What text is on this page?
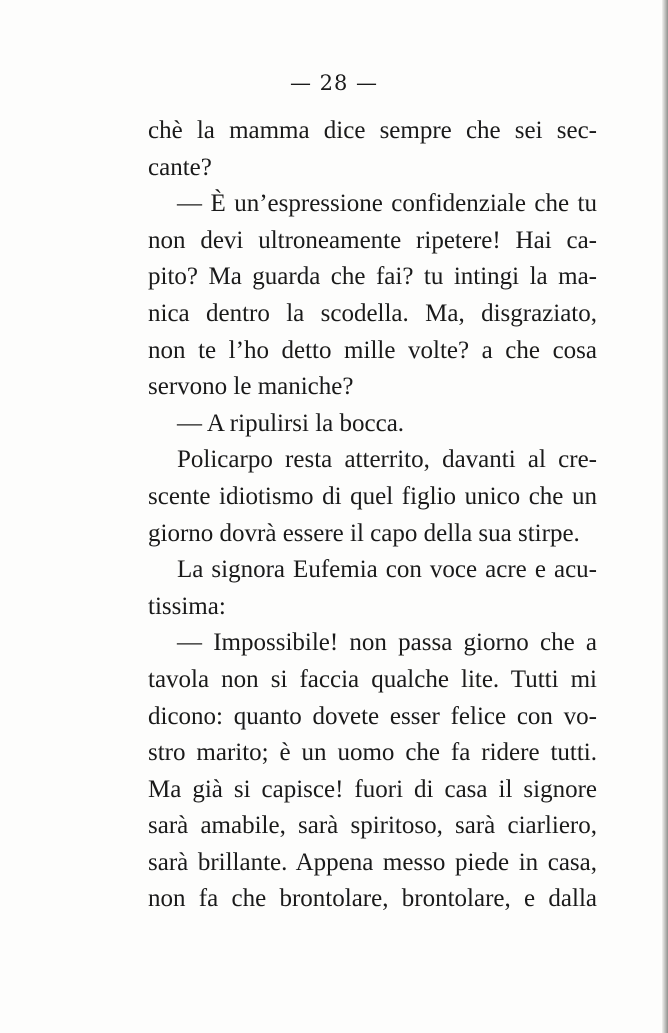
— 28 —
chè la mamma dice sempre che sei sec-
cante?
— È un’espressione confidenziale che tu
non devi ultroneamente ripetere! Hai ca-
pito? Ma guarda che fai? tu intingi la ma-
nica dentro la scodella. Ma, disgraziato,
non te l’ho detto mille volte? a che cosa
servono le maniche?
— A ripulirsi la bocca.
Policarpo resta atterrito, davanti al cre-
scente idiotismo di quel figlio unico che un
giorno dovrà essere il capo della sua stirpe.
La signora Eufemia con voce acre e acu-
tissima:
— Impossibile! non passa giorno che a
tavola non si faccia qualche lite. Tutti mi
dicono: quanto dovete esser felice con vo-
stro marito; è un uomo che fa ridere tutti.
Ma già si capisce! fuori di casa il signore
sarà amabile, sarà spiritoso, sarà ciarliero,
sarà brillante. Appena messo piede in casa,
non fa che brontolare, brontolare, e dalla
